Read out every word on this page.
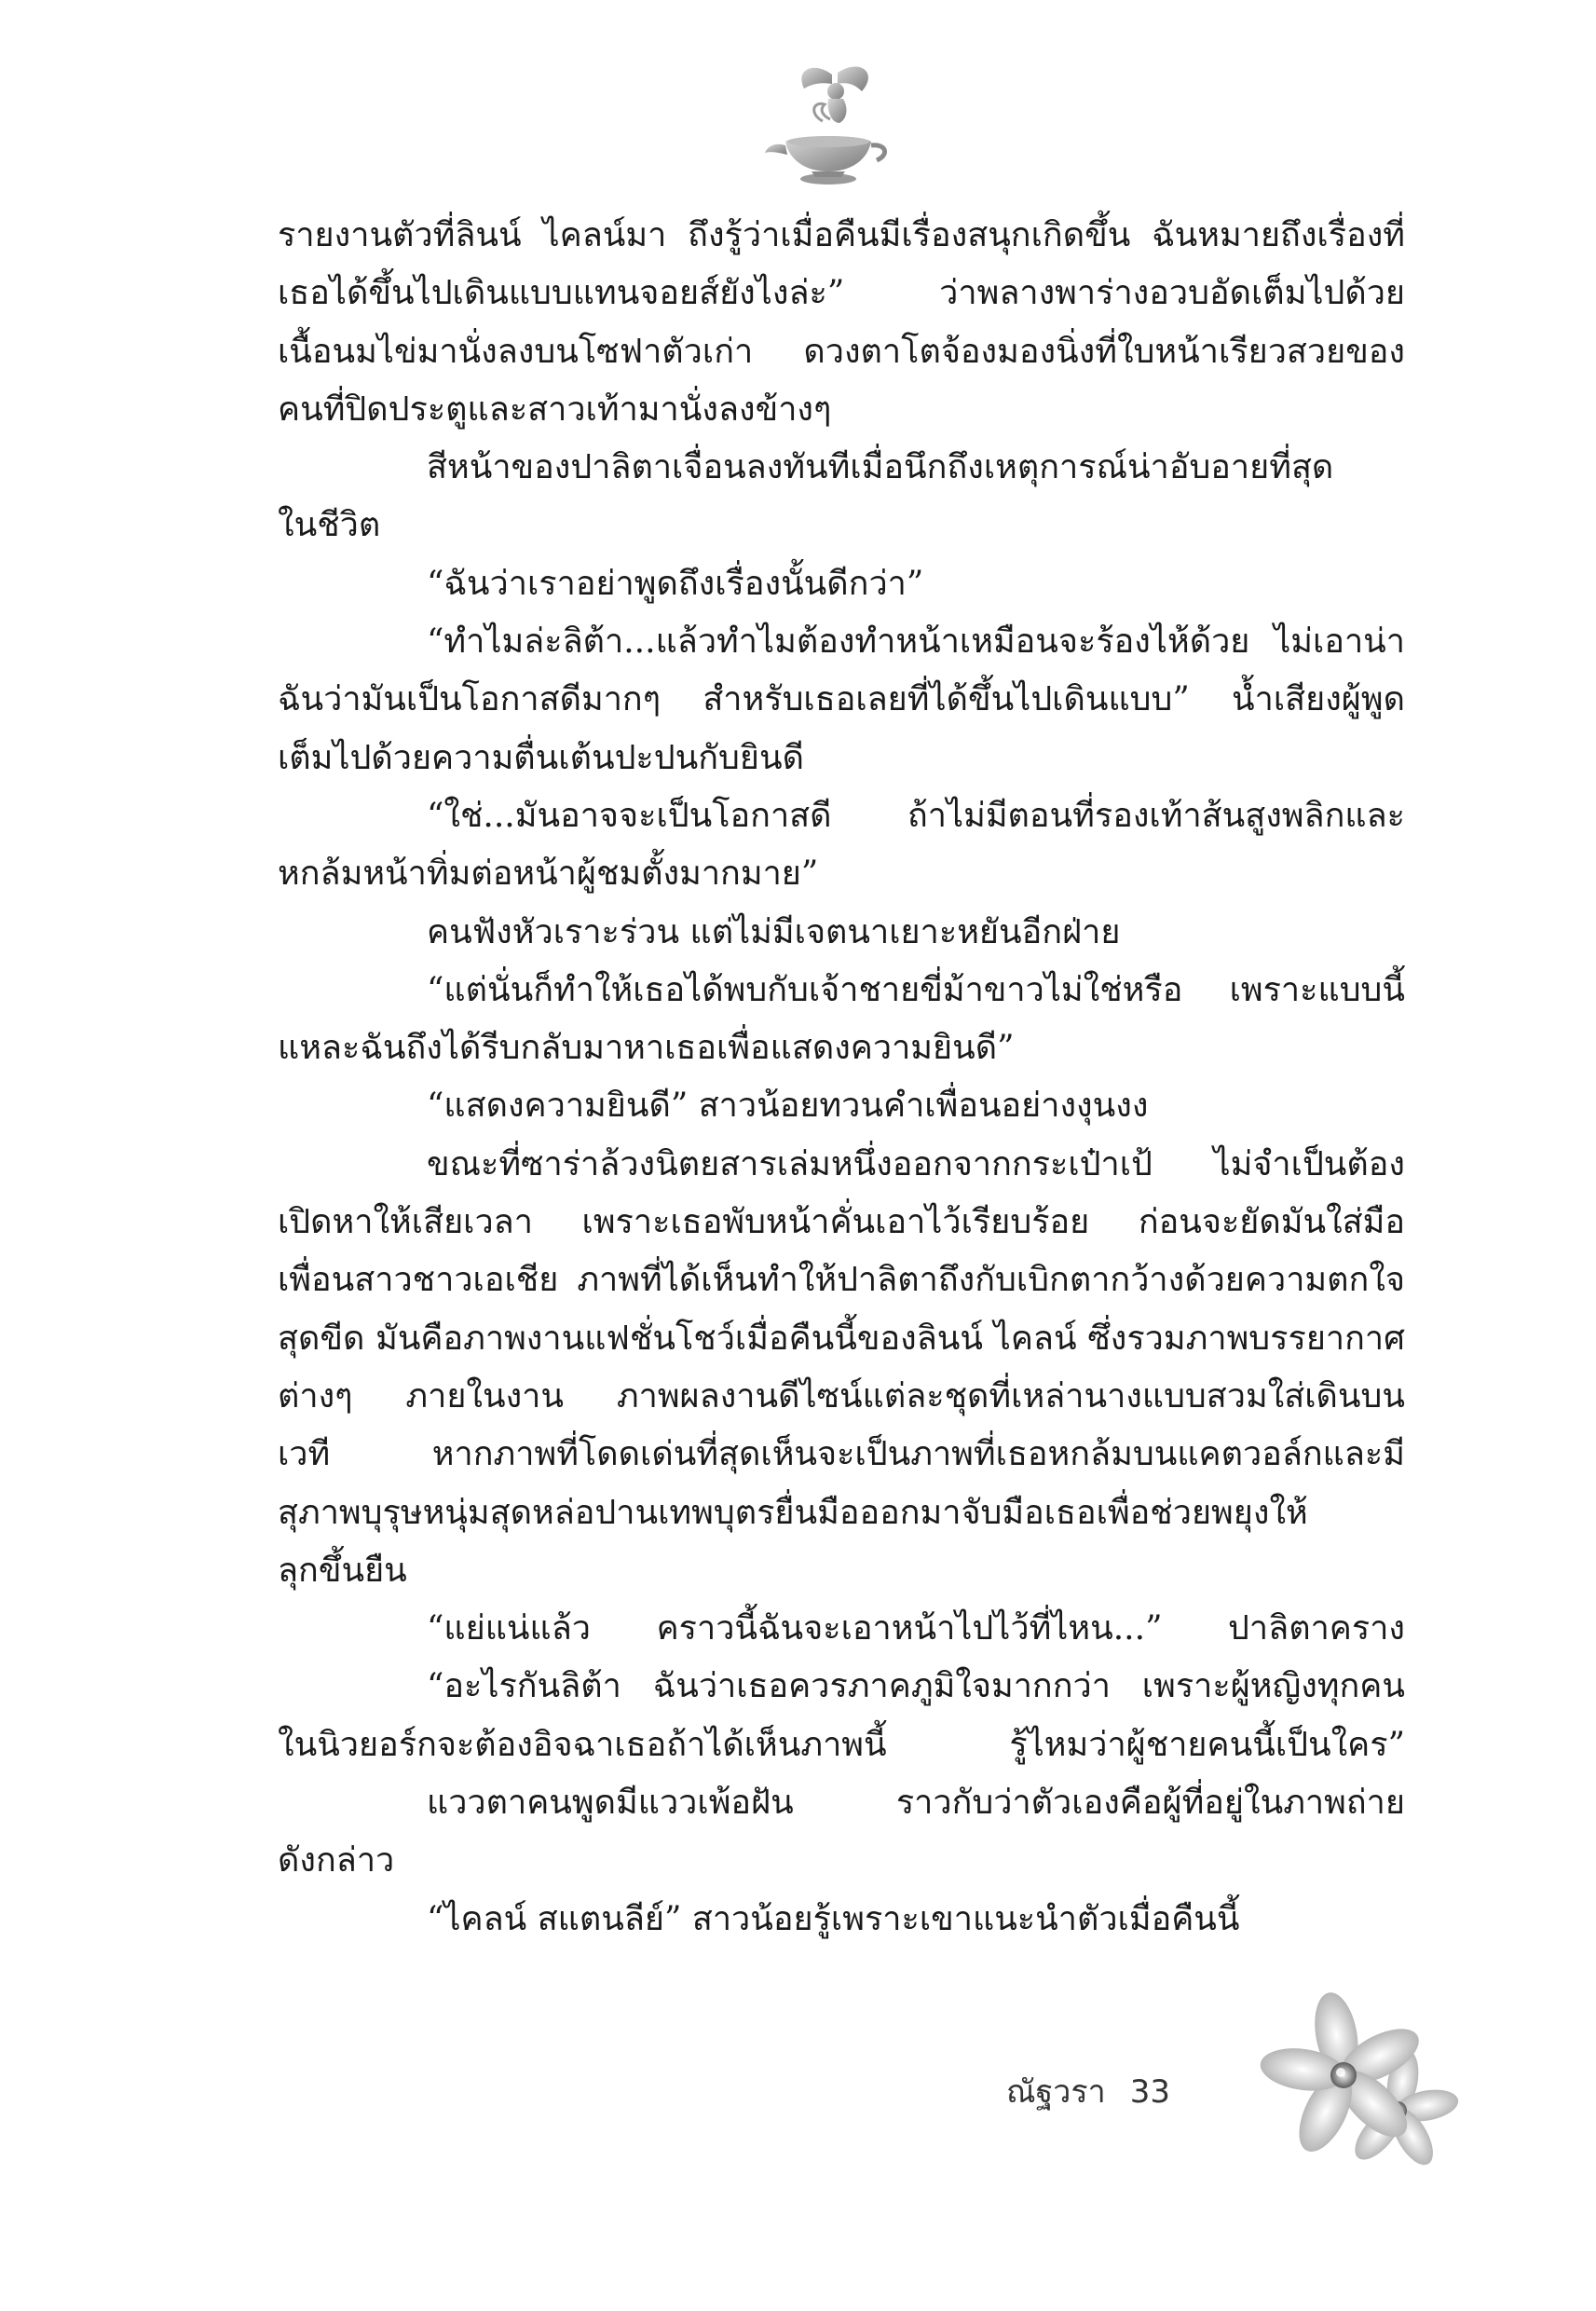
รายงานตัวที่ลินน์ ไคลน์มา ถึงรู้ว่าเมื่อคืนมีเรื่องสนุกเกิดขึ้น ฉันหมายถึงเรื่องที่
เธอได้ขึ้นไปเดินแบบแทนจอยส์ยังไงล่ะ” ว่าพลางพาร่างอวบอัดเต็มไปด้วย
เนื้อนมไข่มานั่งลงบนโซฟาตัวเก่า ดวงตาโตจ้องมองนิ่งที่ใบหน้าเรียวสวยของ
คนที่ปิดประตูและสาวเท้ามานั่งลงข้างๆ
สีหน้าของปาลิตาเจื่อนลงทันทีเมื่อนึกถึงเหตุการณ์น่าอับอายที่สุด
ในชีวิต
“ฉันว่าเราอย่าพูดถึงเรื่องนั้นดีกว่า”
“ทำไมล่ะลิต้า...แล้วทำไมต้องทำหน้าเหมือนจะร้องไห้ด้วย ไม่เอาน่า
ฉันว่ามันเป็นโอกาสดีมากๆ สำหรับเธอเลยที่ได้ขึ้นไปเดินแบบ” น้ำเสียงผู้พูด
เต็มไปด้วยความตื่นเต้นปะปนกับยินดี
“ใช่...มันอาจจะเป็นโอกาสดี ถ้าไม่มีตอนที่รองเท้าส้นสูงพลิกและ
หกล้มหน้าทิ่มต่อหน้าผู้ชมตั้งมากมาย”
คนฟังหัวเราะร่วน แต่ไม่มีเจตนาเยาะหยันอีกฝ่าย
“แต่นั่นก็ทำให้เธอได้พบกับเจ้าชายขี่ม้าขาวไม่ใช่หรือ เพราะแบบนี้
แหละฉันถึงได้รีบกลับมาหาเธอเพื่อแสดงความยินดี”
“แสดงความยินดี” สาวน้อยทวนคำเพื่อนอย่างงุนงง
ขณะที่ซาร่าล้วงนิตยสารเล่มหนึ่งออกจากกระเป๋าเป้ ไม่จำเป็นต้อง
เปิดหาให้เสียเวลา เพราะเธอพับหน้าคั่นเอาไว้เรียบร้อย ก่อนจะยัดมันใส่มือ
เพื่อนสาวชาวเอเชีย ภาพที่ได้เห็นทำให้ปาลิตาถึงกับเบิกตากว้างด้วยความตกใจ
สุดขีด มันคือภาพงานแฟชั่นโชว์เมื่อคืนนี้ของลินน์ ไคลน์ ซึ่งรวมภาพบรรยากาศ
ต่างๆ ภายในงาน ภาพผลงานดีไซน์แต่ละชุดที่เหล่านางแบบสวมใส่เดินบน
เวที หากภาพที่โดดเด่นที่สุดเห็นจะเป็นภาพที่เธอหกล้มบนแคตวอล์กและมี
สุภาพบุรุษหนุ่มสุดหล่อปานเทพบุตรยื่นมือออกมาจับมือเธอเพื่อช่วยพยุงให้
ลุกขึ้นยืน
“แย่แน่แล้ว คราวนี้ฉันจะเอาหน้าไปไว้ที่ไหน...” ปาลิตาคราง
“อะไรกันลิต้า ฉันว่าเธอควรภาคภูมิใจมากกว่า เพราะผู้หญิงทุกคน
ในนิวยอร์กจะต้องอิจฉาเธอถ้าได้เห็นภาพนี้ รู้ไหมว่าผู้ชายคนนี้เป็นใคร”
แววตาคนพูดมีแววเพ้อฝัน ราวกับว่าตัวเองคือผู้ที่อยู่ในภาพถ่าย
ดังกล่าว
“ไคลน์ สแตนลีย์” สาวน้อยรู้เพราะเขาแนะนำตัวเมื่อคืนนี้
ณัฐวรา 33
